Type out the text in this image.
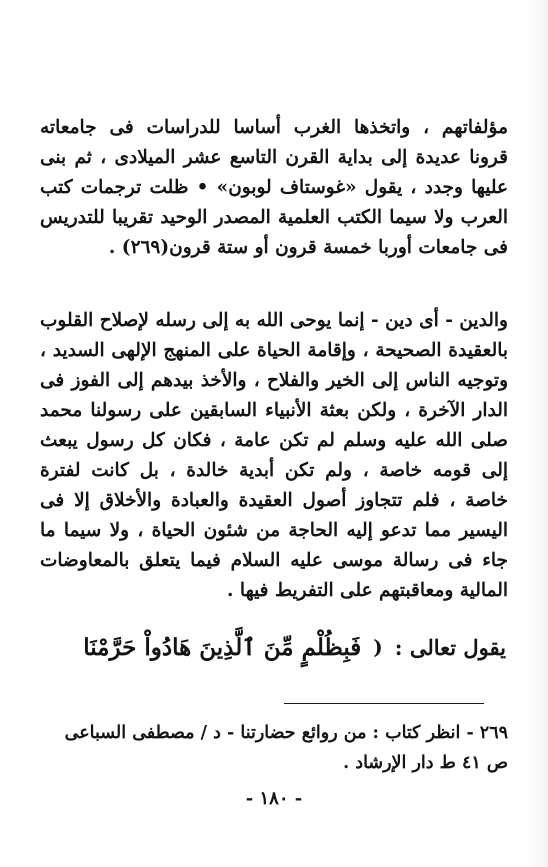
مؤلفاتهم ، واتخذها الغرب أساسا للدراسات فى جامعاته قرونا عديدة إلى بداية القرن التاسع عشر الميلادى ، ثم بنى عليها وجدد ، يقول «غوستاف لوبون» • ظلت ترجمات كتب العرب ولا سيما الكتب العلمية المصدر الوحيد تقريبا للتدريس فى جامعات أوربا خمسة قرون أو ستة قرون(٢٦٩) .

والدين - أى دين - إنما يوحى الله به إلى رسله لإصلاح القلوب بالعقيدة الصحيحة ، وإقامة الحياة على المنهج الإلهى السديد ، وتوجيه الناس إلى الخير والفلاح ، والأخذ بيدهم إلى الفوز فى الدار الآخرة ، ولكن بعثة الأنبياء السابقين على رسولنا محمد صلى الله عليه وسلم لم تكن عامة ، فكان كل رسول يبعث إلى قومه خاصة ، ولم تكن أبدية خالدة ، بل كانت لفترة خاصة ، فلم تتجاوز أصول العقيدة والعبادة والأخلاق إلا فى اليسير مما تدعو إليه الحاجة من شئون الحياة ، ولا سيما ما جاء فى رسالة موسى عليه السلام فيما يتعلق بالمعاوضات المالية ومعاقبتهم على التفريط فيها .

يقول تعالى :
(
فَبِظُلْمٍ مِّنَ ٱلَّذِينَ هَادُواْ حَرَّمْنَا

٢٦٩ - انظر كتاب : من روائع حضارتنا - د / مصطفى السباعى ص ٤١ ط دار الإرشاد .

- ١٨٠ -
